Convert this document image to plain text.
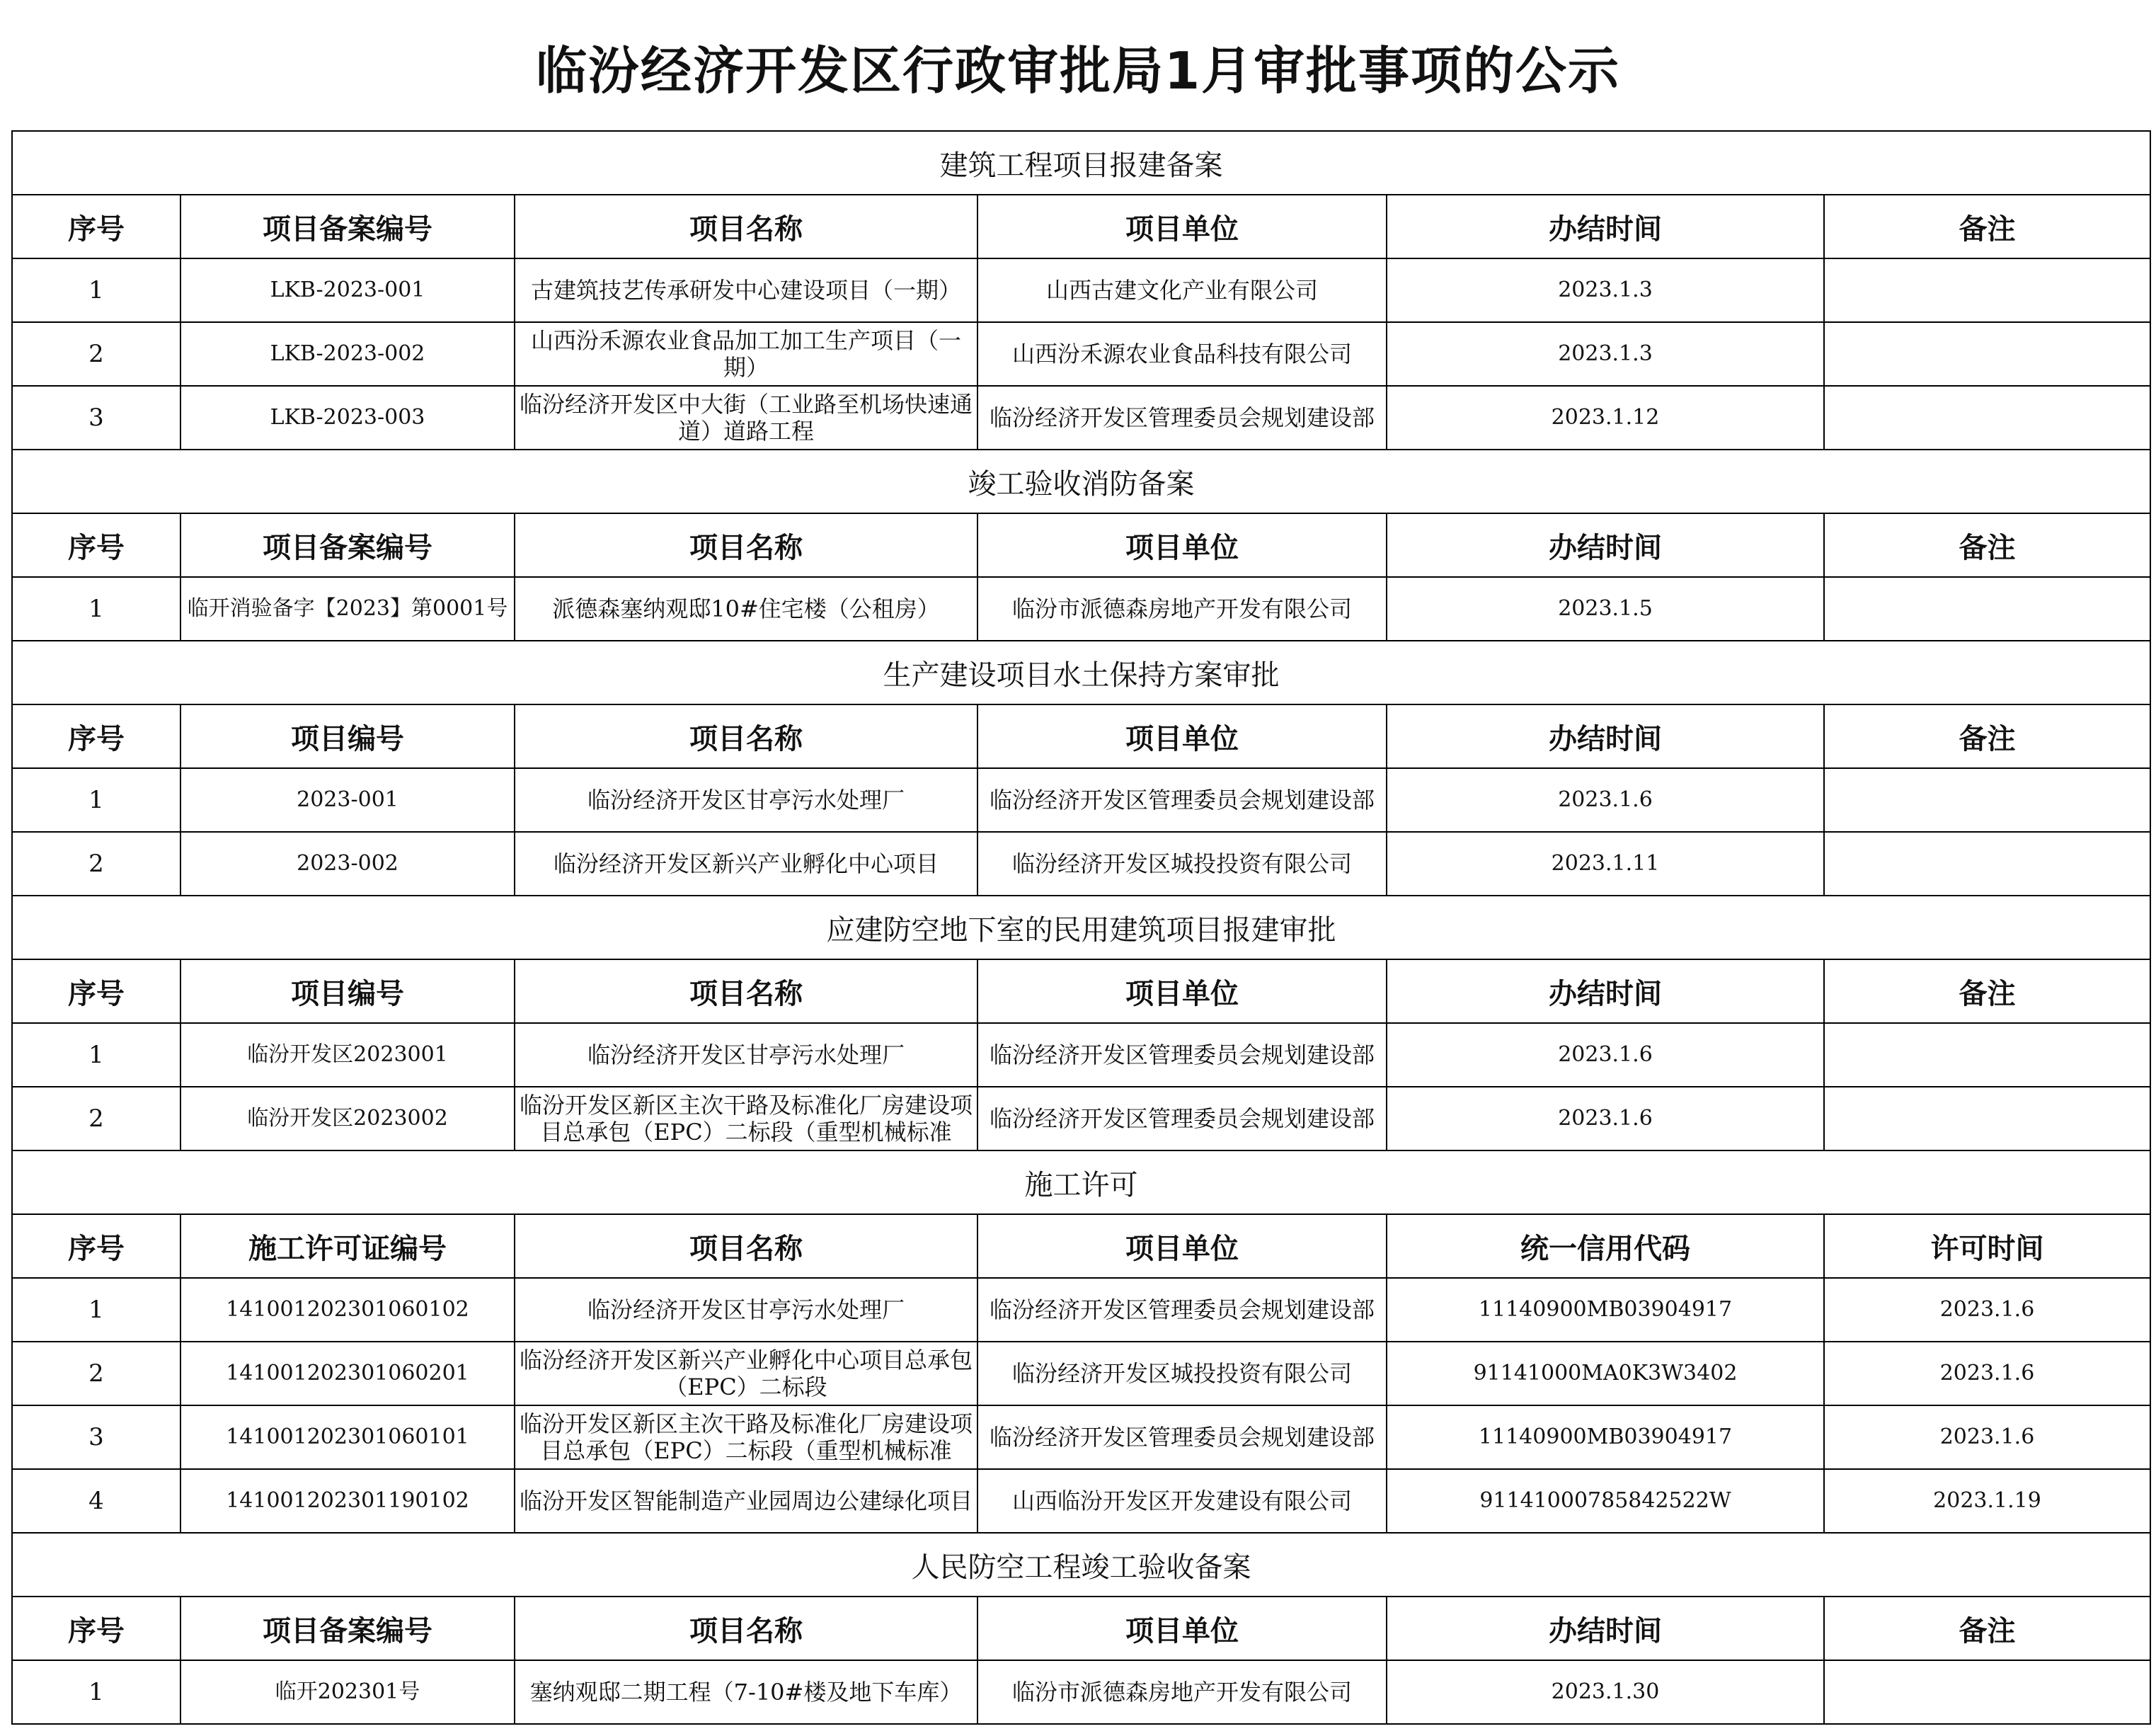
临汾经济开发区行政审批局1月审批事项的公示
建筑工程项目报建备案					
序号	项目备案编号	项目名称	项目单位	办结时间	备注
1	LKB-2023-001	古建筑技艺传承研发中心建设项目（一期）	山西古建文化产业有限公司	2023.1.3	
2	LKB-2023-002	山西汾禾源农业食品加工加工生产项目（一期）	山西汾禾源农业食品科技有限公司	2023.1.3	
3	LKB-2023-003	临汾经济开发区中大街（工业路至机场快速通道）道路工程	临汾经济开发区管理委员会规划建设部	2023.1.12	
竣工验收消防备案					
序号	项目备案编号	项目名称	项目单位	办结时间	备注
1	临开消验备字【2023】第0001号	派德森塞纳观邸10#住宅楼（公租房）	临汾市派德森房地产开发有限公司	2023.1.5	
生产建设项目水土保持方案审批					
序号	项目编号	项目名称	项目单位	办结时间	备注
1	2023-001	临汾经济开发区甘亭污水处理厂	临汾经济开发区管理委员会规划建设部	2023.1.6	
2	2023-002	临汾经济开发区新兴产业孵化中心项目	临汾经济开发区城投投资有限公司	2023.1.11	
应建防空地下室的民用建筑项目报建审批					
序号	项目编号	项目名称	项目单位	办结时间	备注
1	临汾开发区2023001	临汾经济开发区甘亭污水处理厂	临汾经济开发区管理委员会规划建设部	2023.1.6	
2	临汾开发区2023002	临汾开发区新区主次干路及标准化厂房建设项目总承包（EPC）二标段（重型机械标准	临汾经济开发区管理委员会规划建设部	2023.1.6	
施工许可					
序号	施工许可证编号	项目名称	项目单位	统一信用代码	许可时间
1	141001202301060102	临汾经济开发区甘亭污水处理厂	临汾经济开发区管理委员会规划建设部	11140900MB03904917	2023.1.6
2	141001202301060201	临汾经济开发区新兴产业孵化中心项目总承包（EPC）二标段	临汾经济开发区城投投资有限公司	91141000MA0K3W3402	2023.1.6
3	141001202301060101	临汾开发区新区主次干路及标准化厂房建设项目总承包（EPC）二标段（重型机械标准	临汾经济开发区管理委员会规划建设部	11140900MB03904917	2023.1.6
4	141001202301190102	临汾开发区智能制造产业园周边公建绿化项目	山西临汾开发区开发建设有限公司	91141000785842522W	2023.1.19
人民防空工程竣工验收备案					
序号	项目备案编号	项目名称	项目单位	办结时间	备注
1	临开202301号	塞纳观邸二期工程（7-10#楼及地下车库）	临汾市派德森房地产开发有限公司	2023.1.30	
